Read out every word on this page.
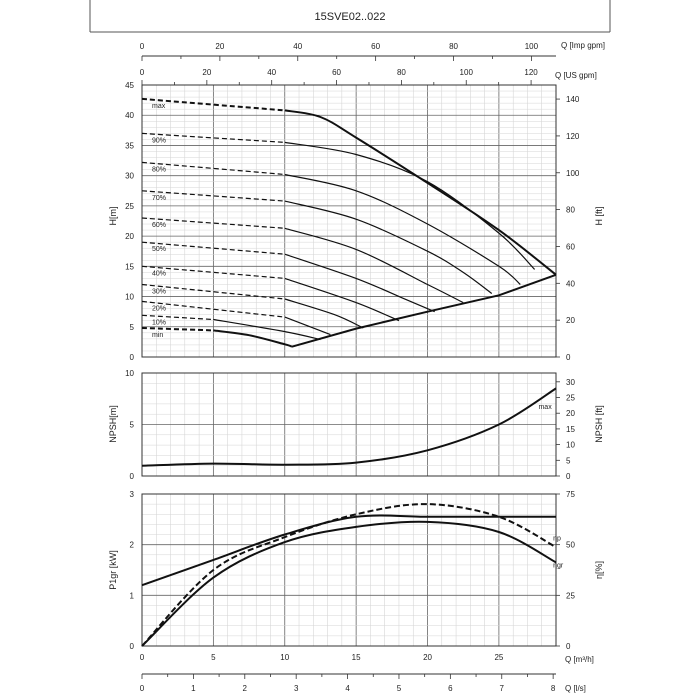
15SVE02..022
0	20	40	60	80	100
0	20	40	60	80	100	120
0
5
10
15
20
25
30
35
40
45
0
20
40
60
80
100
120
140
max
90%
80%
70%
60%
50%
40%
30%
20%
10%
min
0
5
10
0
5
10
15
20
25
30
max
0
1
2
3
0
25
50
75
ηp
ηgr
0	5	10	15	20	25
0	1	2	3	4	5	6	7	8
Q [Imp gpm]
Q [US gpm]
Q [m³/h]
Q [l/s]
H[m]	H [ft]
NPSH[m]	NPSH [ft]
P1gr [kW]	η[%]
